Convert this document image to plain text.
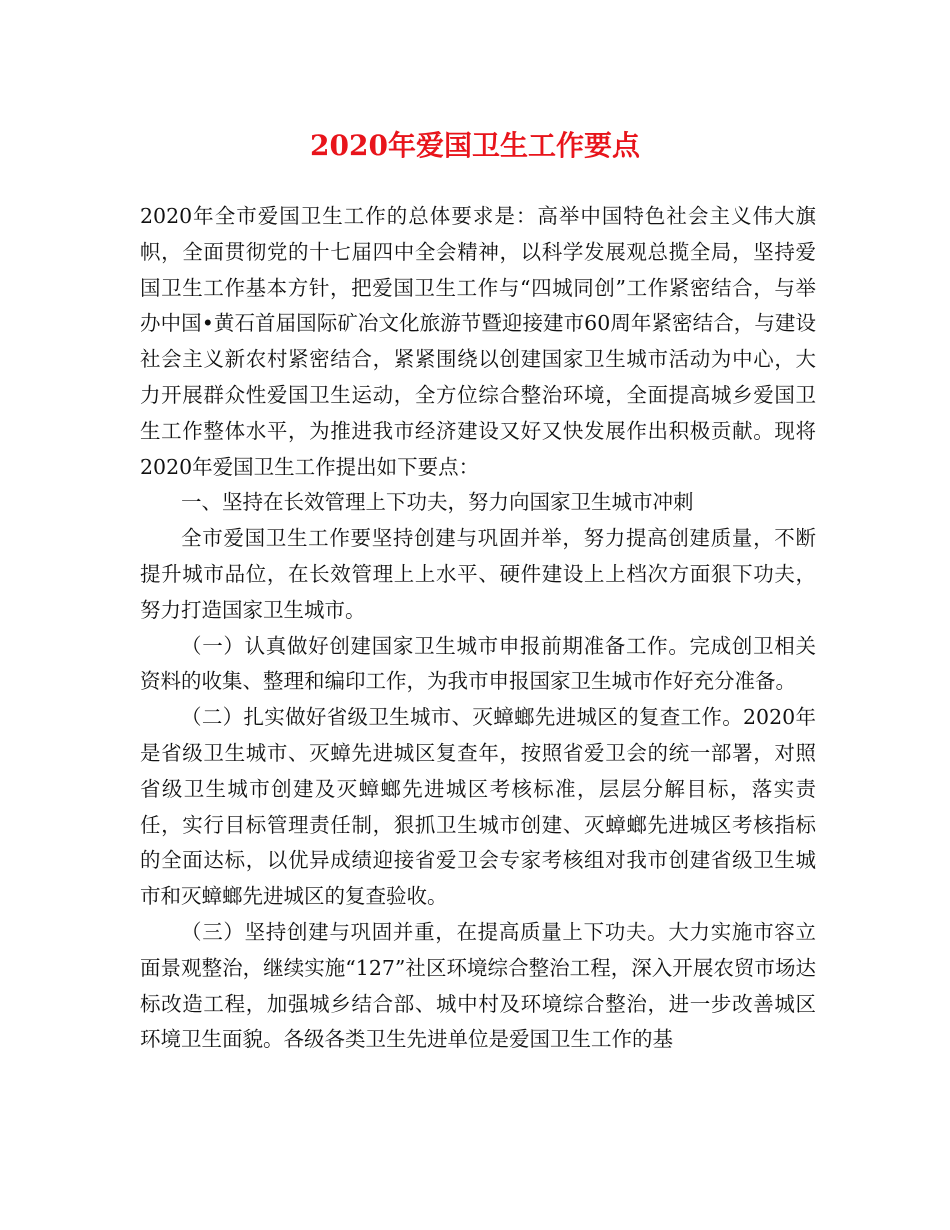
2020年爱国卫生工作要点

2020年全市爱国卫生工作的总体要求是：高举中国特色社会主义伟大旗帜，全面贯彻党的十七届四中全会精神，以科学发展观总揽全局，坚持爱国卫生工作基本方针，把爱国卫生工作与“四城同创”工作紧密结合，与举办中国•黄石首届国际矿冶文化旅游节暨迎接建市60周年紧密结合，与建设社会主义新农村紧密结合，紧紧围绕以创建国家卫生城市活动为中心，大力开展群众性爱国卫生运动，全方位综合整治环境，全面提高城乡爱国卫生工作整体水平，为推进我市经济建设又好又快发展作出积极贡献。现将2020年爱国卫生工作提出如下要点：

一、坚持在长效管理上下功夫，努力向国家卫生城市冲刺

全市爱国卫生工作要坚持创建与巩固并举，努力提高创建质量，不断提升城市品位，在长效管理上上水平、硬件建设上上档次方面狠下功夫，努力打造国家卫生城市。

（一）认真做好创建国家卫生城市申报前期准备工作。完成创卫相关资料的收集、整理和编印工作，为我市申报国家卫生城市作好充分准备。

（二）扎实做好省级卫生城市、灭蟑螂先进城区的复查工作。2020年是省级卫生城市、灭蟑先进城区复查年，按照省爱卫会的统一部署，对照省级卫生城市创建及灭蟑螂先进城区考核标准，层层分解目标，落实责任，实行目标管理责任制，狠抓卫生城市创建、灭蟑螂先进城区考核指标的全面达标，以优异成绩迎接省爱卫会专家考核组对我市创建省级卫生城市和灭蟑螂先进城区的复查验收。

（三）坚持创建与巩固并重，在提高质量上下功夫。大力实施市容立面景观整治，继续实施“127”社区环境综合整治工程，深入开展农贸市场达标改造工程，加强城乡结合部、城中村及环境综合整治，进一步改善城区环境卫生面貌。各级各类卫生先进单位是爱国卫生工作的基
